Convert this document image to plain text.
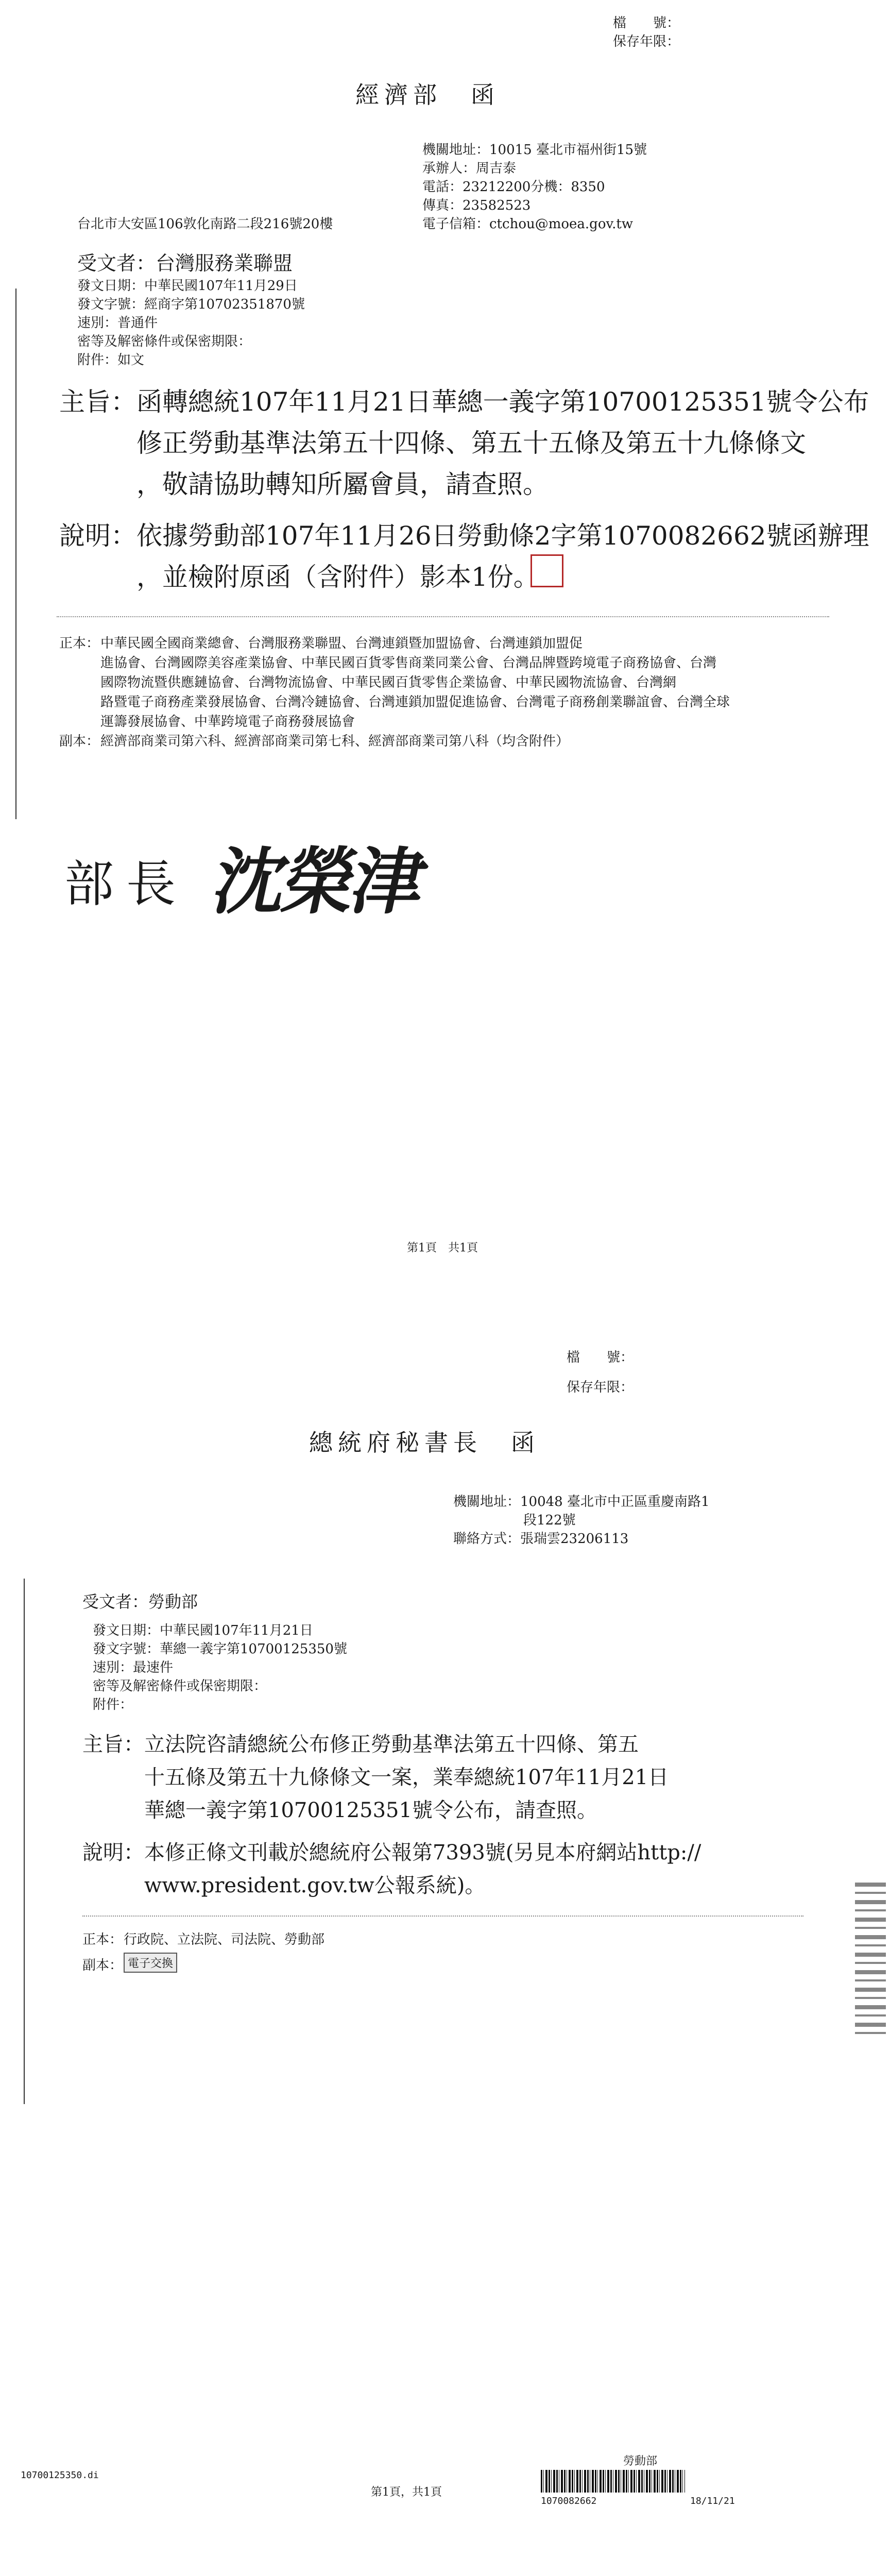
檔　　號：
保存年限：
經濟部　函
機關地址：10015 臺北市福州街15號
承辦人：周吉泰
電話：23212200分機：8350
傳真：23582523
電子信箱：ctchou@moea.gov.tw
台北市大安區106敦化南路二段216號20樓
受文者：台灣服務業聯盟
發文日期：中華民國107年11月29日
發文字號：經商字第10702351870號
速別：普通件
密等及解密條件或保密期限：
附件：如文
主旨： 函轉總統107年11月21日華總一義字第10700125351號令公布
修正勞動基準法第五十四條、第五十五條及第五十九條條文
，敬請協助轉知所屬會員，請查照。
說明： 依據勞動部107年11月26日勞動條2字第1070082662號函辦理
，並檢附原函（含附件）影本1份。
正本： 中華民國全國商業總會、台灣服務業聯盟、台灣連鎖暨加盟協會、台灣連鎖加盟促
進協會、台灣國際美容產業協會、中華民國百貨零售商業同業公會、台灣品牌暨跨境電子商務協會、台灣
國際物流暨供應鏈協會、台灣物流協會、中華民國百貨零售企業協會、中華民國物流協會、台灣網
路暨電子商務產業發展協會、台灣冷鏈協會、台灣連鎖加盟促進協會、台灣電子商務創業聯誼會、台灣全球
運籌發展協會、中華跨境電子商務發展協會
副本： 經濟部商業司第六科、經濟部商業司第七科、經濟部商業司第八科（均含附件）
部長 沈榮津
第1頁　共1頁
檔　　號：
保存年限：
總統府秘書長　函
機關地址：10048 臺北市中正區重慶南路1
段122號
聯絡方式：張瑞雲23206113
受文者：勞動部
發文日期：中華民國107年11月21日
發文字號：華總一義字第10700125350號
速別：最速件
密等及解密條件或保密期限：
附件：
主旨： 立法院咨請總統公布修正勞動基準法第五十四條、第五
十五條及第五十九條條文一案，業奉總統107年11月21日
華總一義字第10700125351號令公布，請查照。
說明： 本修正條文刊載於總統府公報第7393號(另見本府網站http://
www.president.gov.tw公報系統)。
正本： 行政院、立法院、司法院、勞動部
副本： 電子交換
10700125350.di
第1頁，共1頁
勞動部
1070082662	18/11/21
